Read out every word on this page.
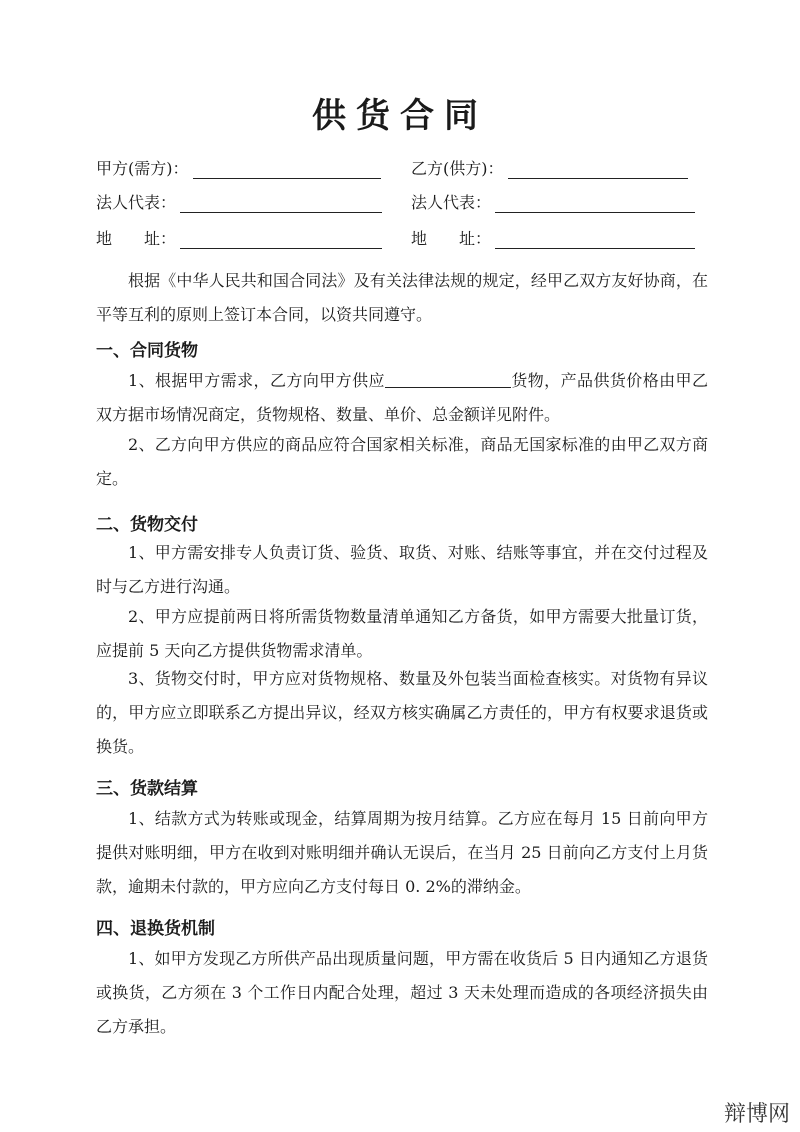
供货合同
甲方(需方)：	乙方(供方)：
法人代表：	法人代表：
地　　址：	地　　址：

根据《中华人民共和国合同法》及有关法律法规的规定，经甲乙双方友好协商，在平等互利的原则上签订本合同，以资共同遵守。

一、合同货物

1、根据甲方需求，乙方向甲方供应	货物，产品供货价格由甲乙双方据市场情况商定，货物规格、数量、单价、总金额详见附件。

2、乙方向甲方供应的商品应符合国家相关标准，商品无国家标准的由甲乙双方商定。

二、货物交付

1、甲方需安排专人负责订货、验货、取货、对账、结账等事宜，并在交付过程及时与乙方进行沟通。

2、甲方应提前两日将所需货物数量清单通知乙方备货，如甲方需要大批量订货，应提前 5 天向乙方提供货物需求清单。

3、货物交付时，甲方应对货物规格、数量及外包装当面检查核实。对货物有异议的，甲方应立即联系乙方提出异议，经双方核实确属乙方责任的，甲方有权要求退货或换货。

三、货款结算

1、结款方式为转账或现金，结算周期为按月结算。乙方应在每月 15 日前向甲方提供对账明细，甲方在收到对账明细并确认无误后，在当月 25 日前向乙方支付上月货款，逾期未付款的，甲方应向乙方支付每日 0. 2%的滞纳金。

四、退换货机制

1、如甲方发现乙方所供产品出现质量问题，甲方需在收货后 5 日内通知乙方退货或换货，乙方须在 3 个工作日内配合处理，超过 3 天未处理而造成的各项经济损失由乙方承担。

辩博网
